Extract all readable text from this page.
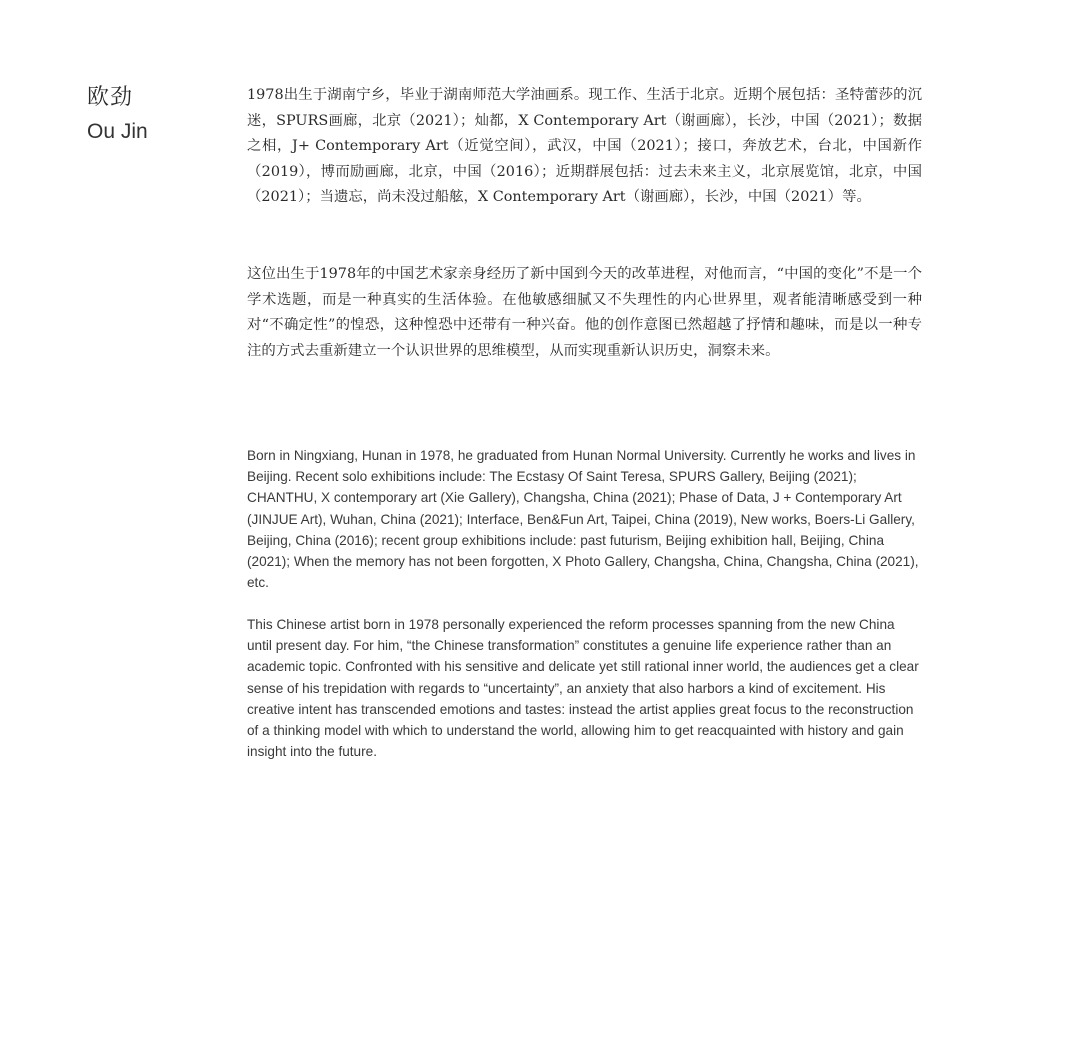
欧劲
Ou Jin

1978出生于湖南宁乡，毕业于湖南师范大学油画系。现工作、生活于北京。近期个展包括：圣特蕾莎的沉迷，SPURS画廊，北京（2021）；灿都，X Contemporary Art（谢画廊），长沙，中国（2021）；数据之相，J+ Contemporary Art（近觉空间），武汉，中国（2021）；接口，奔放艺术，台北，中国新作（2019），博而励画廊，北京，中国（2016）；近期群展包括：过去未来主义，北京展览馆，北京，中国（2021）；当遗忘，尚未没过船舷，X Contemporary Art（谢画廊），长沙，中国（2021）等。

这位出生于1978年的中国艺术家亲身经历了新中国到今天的改革进程，对他而言，“中国的变化”不是一个学术选题，而是一种真实的生活体验。在他敏感细腻又不失理性的内心世界里，观者能清晰感受到一种对“不确定性”的惶恐，这种惶恐中还带有一种兴奋。他的创作意图已然超越了抒情和趣味，而是以一种专注的方式去重新建立一个认识世界的思维模型，从而实现重新认识历史，洞察未来。

Born in Ningxiang, Hunan in 1978, he graduated from Hunan Normal University. Currently he works and lives in Beijing. Recent solo exhibitions include: The Ecstasy Of Saint Teresa, SPURS Gallery, Beijing (2021); CHANTHU, X contemporary art (Xie Gallery), Changsha, China (2021); Phase of Data, J + Contemporary Art (JINJUE Art), Wuhan, China (2021); Interface, Ben&Fun Art, Taipei, China (2019), New works, Boers-Li Gallery, Beijing, China (2016); recent group exhibitions include: past futurism, Beijing exhibition hall, Beijing, China (2021); When the memory has not been forgotten, X Photo Gallery, Changsha, China, Changsha, China (2021), etc.

This Chinese artist born in 1978 personally experienced the reform processes spanning from the new China until present day. For him, “the Chinese transformation” constitutes a genuine life experience rather than an academic topic. Confronted with his sensitive and delicate yet still rational inner world, the audiences get a clear sense of his trepidation with regards to “uncertainty”, an anxiety that also harbors a kind of excitement. His creative intent has transcended emotions and tastes: instead the artist applies great focus to the reconstruction of a thinking model with which to understand the world, allowing him to get reacquainted with history and gain insight into the future.
